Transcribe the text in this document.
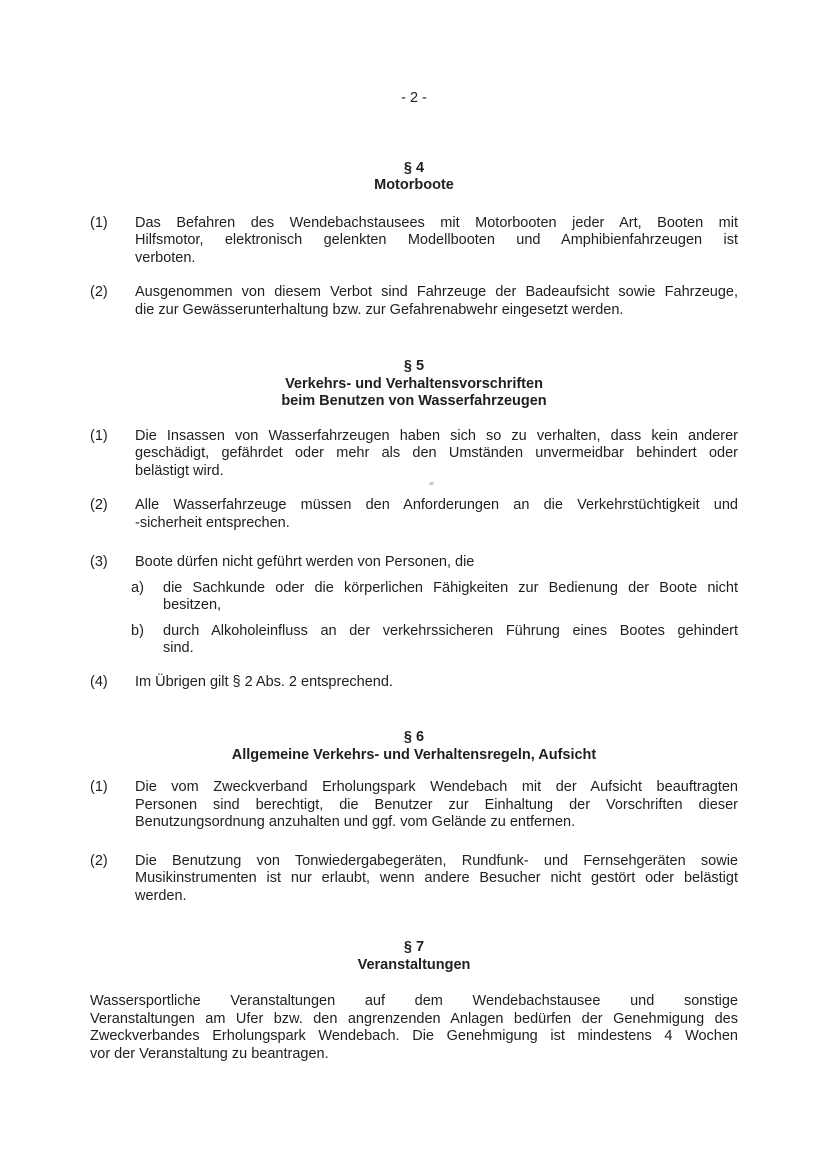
- 2 -
§ 4
Motorboote
(1)	Das Befahren des Wendebachstausees mit Motorbooten jeder Art, Booten mit
Hilfsmotor, elektronisch gelenkten Modellbooten und Amphibienfahrzeugen ist
verboten.
(2)	Ausgenommen von diesem Verbot sind Fahrzeuge der Badeaufsicht sowie Fahrzeuge,
die zur Gewässerunterhaltung bzw. zur Gefahrenabwehr eingesetzt werden.
§ 5
Verkehrs- und Verhaltensvorschriften
beim Benutzen von Wasserfahrzeugen
(1)	Die Insassen von Wasserfahrzeugen haben sich so zu verhalten, dass kein anderer
geschädigt, gefährdet oder mehr als den Umständen unvermeidbar behindert oder
belästigt wird.
(2)	Alle Wasserfahrzeuge müssen den Anforderungen an die Verkehrstüchtigkeit und
-sicherheit entsprechen.
(3)	Boote dürfen nicht geführt werden von Personen, die
a)	die Sachkunde oder die körperlichen Fähigkeiten zur Bedienung der Boote nicht
besitzen,
b)	durch Alkoholeinfluss an der verkehrssicheren Führung eines Bootes gehindert
sind.
(4)	Im Übrigen gilt § 2 Abs. 2 entsprechend.
§ 6
Allgemeine Verkehrs- und Verhaltensregeln, Aufsicht
(1)	Die vom Zweckverband Erholungspark Wendebach mit der Aufsicht beauftragten
Personen sind berechtigt, die Benutzer zur Einhaltung der Vorschriften dieser
Benutzungsordnung anzuhalten und ggf. vom Gelände zu entfernen.
(2)	Die Benutzung von Tonwiedergabegeräten, Rundfunk- und Fernsehgeräten sowie
Musikinstrumenten ist nur erlaubt, wenn andere Besucher nicht gestört oder belästigt
werden.
§ 7
Veranstaltungen
Wassersportliche Veranstaltungen auf dem Wendebachstausee und sonstige
Veranstaltungen am Ufer bzw. den angrenzenden Anlagen bedürfen der Genehmigung des
Zweckverbandes Erholungspark Wendebach. Die Genehmigung ist mindestens 4 Wochen
vor der Veranstaltung zu beantragen.
